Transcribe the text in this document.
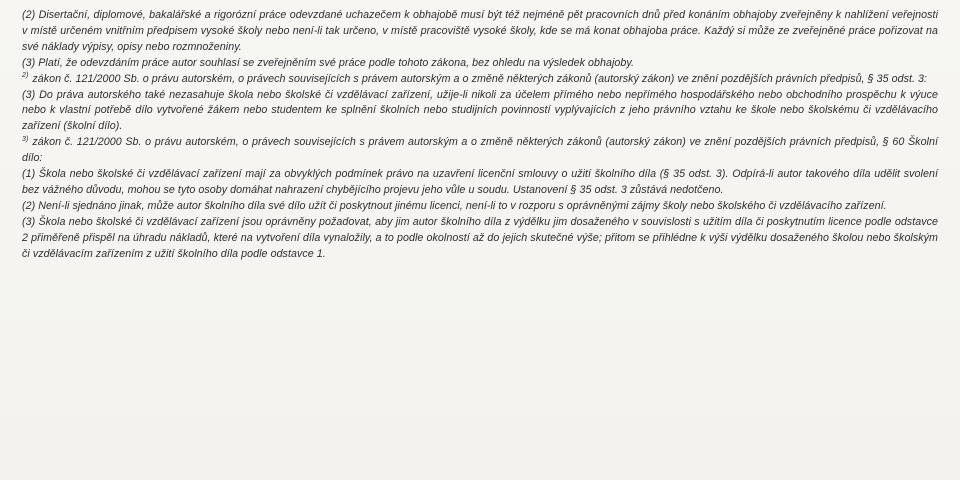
(2) Disertační, diplomové, bakalářské a rigorózní práce odevzdané uchazečem k obhajobě musí být též nejméně pět pracovních dnů před konáním obhajoby zveřejněny k nahlížení veřejnosti v místě určeném vnitřním předpisem vysoké školy nebo není-li tak určeno, v místě pracoviště vysoké školy, kde se má konat obhajoba práce. Každý si může ze zveřejněné práce pořizovat na své náklady výpisy, opisy nebo rozmnoženiny.

(3) Platí, že odevzdáním práce autor souhlasí se zveřejněním své práce podle tohoto zákona, bez ohledu na výsledek obhajoby.

$^{2)}$ zákon č. 121/2000 Sb. o právu autorském, o právech souvisejících s právem autorským a o změně některých zákonů (autorský zákon) ve znění pozdějších právních předpisů, § 35 odst. 3:

(3) Do práva autorského také nezasahuje škola nebo školské či vzdělávací zařízení, užije-li nikoli za účelem přímého nebo nepřímého hospodářského nebo obchodního prospěchu k výuce nebo k vlastní potřebě dílo vytvořené žákem nebo studentem ke splnění školních nebo studijních povinností vyplývajících z jeho právního vztahu ke škole nebo školskému či vzdělávacího zařízení (školní dílo).

$^{3)}$ zákon č. 121/2000 Sb. o právu autorském, o právech souvisejících s právem autorským a o změně některých zákonů (autorský zákon) ve znění pozdějších právních předpisů, § 60 Školní dílo:

(1) Škola nebo školské či vzdělávací zařízení mají za obvyklých podmínek právo na uzavření licenční smlouvy o užití školního díla (§ 35 odst. 3). Odpírá-li autor takového díla udělit svolení bez vážného důvodu, mohou se tyto osoby domáhat nahrazení chybějícího projevu jeho vůle u soudu. Ustanovení § 35 odst. 3 zůstává nedotčeno.

(2) Není-li sjednáno jinak, může autor školního díla své dílo užít či poskytnout jinému licenci, není-li to v rozporu s oprávněnými zájmy školy nebo školského či vzdělávacího zařízení.

(3) Škola nebo školské či vzdělávací zařízení jsou oprávněny požadovat, aby jim autor školního díla z výdělku jim dosaženého v souvislosti s užitím díla či poskytnutím licence podle odstavce 2 přiměřeně přispěl na úhradu nákladů, které na vytvoření díla vynaložily, a to podle okolností až do jejich skutečné výše; přitom se přihlédne k výši výdělku dosaženého školou nebo školským či vzdělávacím zařízením z užití školního díla podle odstavce 1.
